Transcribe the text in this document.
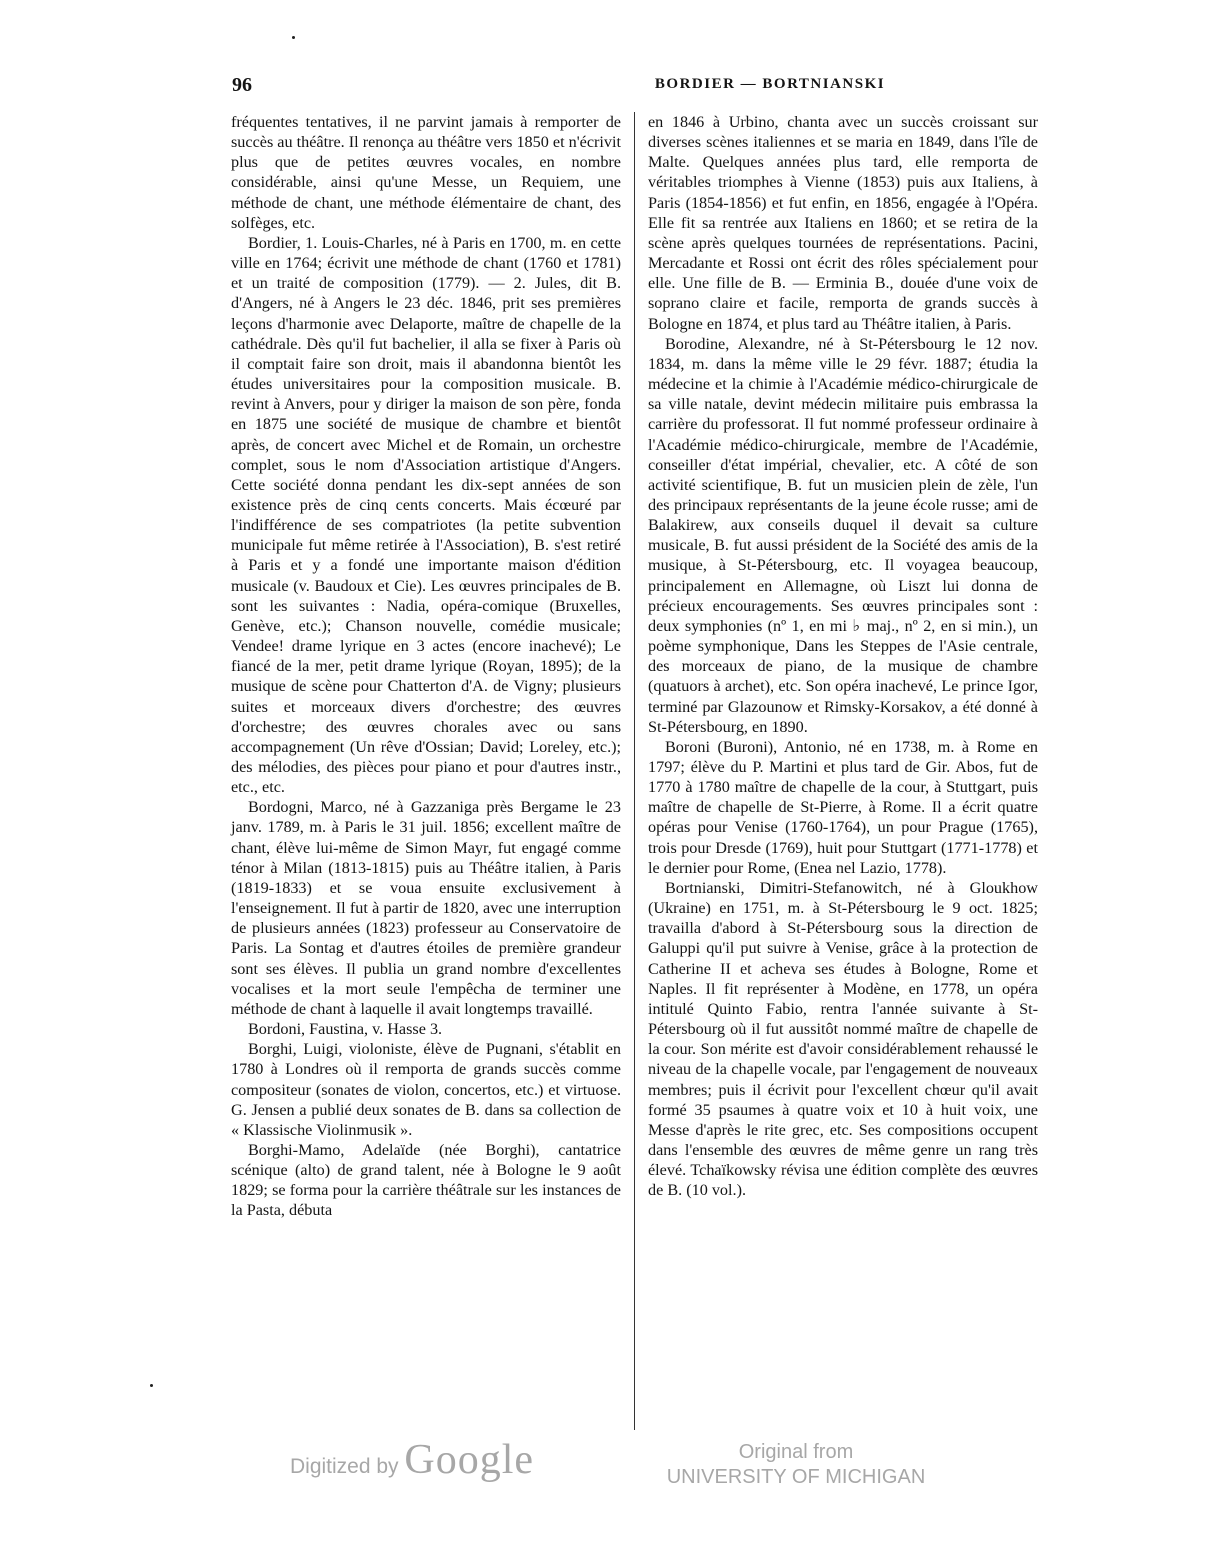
96	BORDIER — BORTNIANSKI

fréquentes tentatives, il ne parvint jamais à remporter de succès au théâtre. Il renonça au théâtre vers 1850 et n'écrivit plus que de petites œuvres vocales, en nombre considérable, ainsi qu'une Messe, un Requiem, une méthode de chant, une méthode élémentaire de chant, des solfèges, etc.

Bordier, 1. Louis-Charles, né à Paris en 1700, m. en cette ville en 1764; écrivit une méthode de chant (1760 et 1781) et un traité de composition (1779). — 2. Jules, dit B. d'Angers, né à Angers le 23 déc. 1846, prit ses premières leçons d'harmonie avec Delaporte, maître de chapelle de la cathédrale. Dès qu'il fut bachelier, il alla se fixer à Paris où il comptait faire son droit, mais il abandonna bientôt les études universitaires pour la composition musicale. B. revint à Anvers, pour y diriger la maison de son père, fonda en 1875 une société de musique de chambre et bientôt après, de concert avec Michel et de Romain, un orchestre complet, sous le nom d'Association artistique d'Angers. Cette société donna pendant les dix-sept années de son existence près de cinq cents concerts. Mais écœuré par l'indifférence de ses compatriotes (la petite subvention municipale fut même retirée à l'Association), B. s'est retiré à Paris et y a fondé une importante maison d'édition musicale (v. Baudoux et Cie). Les œuvres principales de B. sont les suivantes : Nadia, opéra-comique (Bruxelles, Genève, etc.); Chanson nouvelle, comédie musicale; Vendee! drame lyrique en 3 actes (encore inachevé); Le fiancé de la mer, petit drame lyrique (Royan, 1895); de la musique de scène pour Chatterton d'A. de Vigny; plusieurs suites et morceaux divers d'orchestre; des œuvres d'orchestre; des œuvres chorales avec ou sans accompagnement (Un rêve d'Ossian; David; Loreley, etc.); des mélodies, des pièces pour piano et pour d'autres instr., etc., etc.

Bordogni, Marco, né à Gazzaniga près Bergame le 23 janv. 1789, m. à Paris le 31 juil. 1856; excellent maître de chant, élève lui-même de Simon Mayr, fut engagé comme ténor à Milan (1813-1815) puis au Théâtre italien, à Paris (1819-1833) et se voua ensuite exclusivement à l'enseignement. Il fut à partir de 1820, avec une interruption de plusieurs années (1823) professeur au Conservatoire de Paris. La Sontag et d'autres étoiles de première grandeur sont ses élèves. Il publia un grand nombre d'excellentes vocalises et la mort seule l'empêcha de terminer une méthode de chant à laquelle il avait longtemps travaillé.

Bordoni, Faustina, v. Hasse 3.

Borghi, Luigi, violoniste, élève de Pugnani, s'établit en 1780 à Londres où il remporta de grands succès comme compositeur (sonates de violon, concertos, etc.) et virtuose. G. Jensen a publié deux sonates de B. dans sa collection de « Klassische Violinmusik ».

Borghi-Mamo, Adelaïde (née Borghi), cantatrice scénique (alto) de grand talent, née à Bologne le 9 août 1829; se forma pour la carrière théâtrale sur les instances de la Pasta, débuta

en 1846 à Urbino, chanta avec un succès croissant sur diverses scènes italiennes et se maria en 1849, dans l'île de Malte. Quelques années plus tard, elle remporta de véritables triomphes à Vienne (1853) puis aux Italiens, à Paris (1854-1856) et fut enfin, en 1856, engagée à l'Opéra. Elle fit sa rentrée aux Italiens en 1860; et se retira de la scène après quelques tournées de représentations. Pacini, Mercadante et Rossi ont écrit des rôles spécialement pour elle. Une fille de B. — Erminia B., douée d'une voix de soprano claire et facile, remporta de grands succès à Bologne en 1874, et plus tard au Théâtre italien, à Paris.

Borodine, Alexandre, né à St-Pétersbourg le 12 nov. 1834, m. dans la même ville le 29 févr. 1887; étudia la médecine et la chimie à l'Académie médico-chirurgicale de sa ville natale, devint médecin militaire puis embrassa la carrière du professorat. Il fut nommé professeur ordinaire à l'Académie médico-chirurgicale, membre de l'Académie, conseiller d'état impérial, chevalier, etc. A côté de son activité scientifique, B. fut un musicien plein de zèle, l'un des principaux représentants de la jeune école russe; ami de Balakirew, aux conseils duquel il devait sa culture musicale, B. fut aussi président de la Société des amis de la musique, à St-Pétersbourg, etc. Il voyagea beaucoup, principalement en Allemagne, où Liszt lui donna de précieux encouragements. Ses œuvres principales sont : deux symphonies (nº 1, en mi ♭ maj., nº 2, en si min.), un poème symphonique, Dans les Steppes de l'Asie centrale, des morceaux de piano, de la musique de chambre (quatuors à archet), etc. Son opéra inachevé, Le prince Igor, terminé par Glazounow et Rimsky-Korsakov, a été donné à St-Pétersbourg, en 1890.

Boroni (Buroni), Antonio, né en 1738, m. à Rome en 1797; élève du P. Martini et plus tard de Gir. Abos, fut de 1770 à 1780 maître de chapelle de la cour, à Stuttgart, puis maître de chapelle de St-Pierre, à Rome. Il a écrit quatre opéras pour Venise (1760-1764), un pour Prague (1765), trois pour Dresde (1769), huit pour Stuttgart (1771-1778) et le dernier pour Rome, (Enea nel Lazio, 1778).

Bortnianski, Dimitri-Stefanowitch, né à Gloukhow (Ukraine) en 1751, m. à St-Pétersbourg le 9 oct. 1825; travailla d'abord à St-Pétersbourg sous la direction de Galuppi qu'il put suivre à Venise, grâce à la protection de Catherine II et acheva ses études à Bologne, Rome et Naples. Il fit représenter à Modène, en 1778, un opéra intitulé Quinto Fabio, rentra l'année suivante à St-Pétersbourg où il fut aussitôt nommé maître de chapelle de la cour. Son mérite est d'avoir considérablement rehaussé le niveau de la chapelle vocale, par l'engagement de nouveaux membres; puis il écrivit pour l'excellent chœur qu'il avait formé 35 psaumes à quatre voix et 10 à huit voix, une Messe d'après le rite grec, etc. Ses compositions occupent dans l'ensemble des œuvres de même genre un rang très élevé. Tchaïkowsky révisa une édition complète des œuvres de B. (10 vol.).

Digitized by Google	Original from
UNIVERSITY OF MICHIGAN
